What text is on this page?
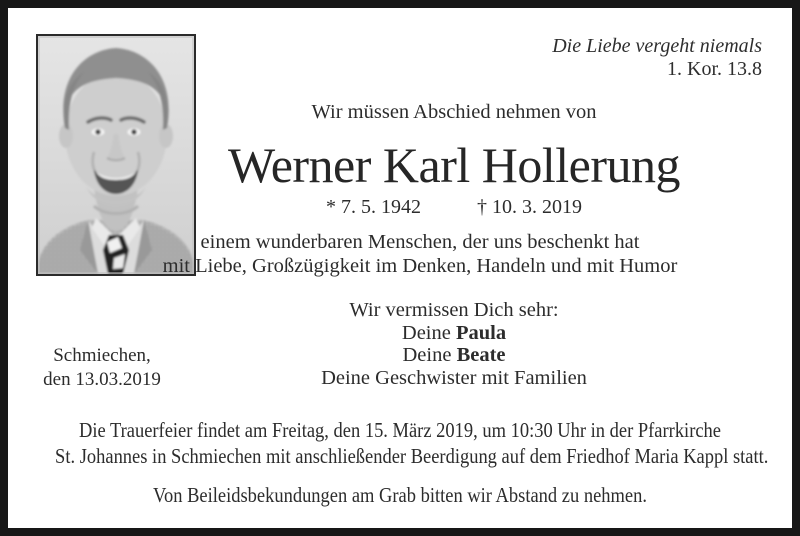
Die Liebe vergeht niemals
1. Kor. 13.8
Wir müssen Abschied nehmen von
Werner Karl Hollerung
* 7. 5. 1942	† 10. 3. 2019
einem wunderbaren Menschen, der uns beschenkt hat
mit Liebe, Großzügigkeit im Denken, Handeln und mit Humor
Wir vermissen Dich sehr:
Deine Paula
Deine Beate
Deine Geschwister mit Familien
Schmiechen,
den 13.03.2019
Die Trauerfeier findet am Freitag, den 15. März 2019, um 10:30 Uhr in der Pfarrkirche
St. Johannes in Schmiechen mit anschließender Beerdigung auf dem Friedhof Maria Kappl statt.
Von Beileidsbekundungen am Grab bitten wir Abstand zu nehmen.
